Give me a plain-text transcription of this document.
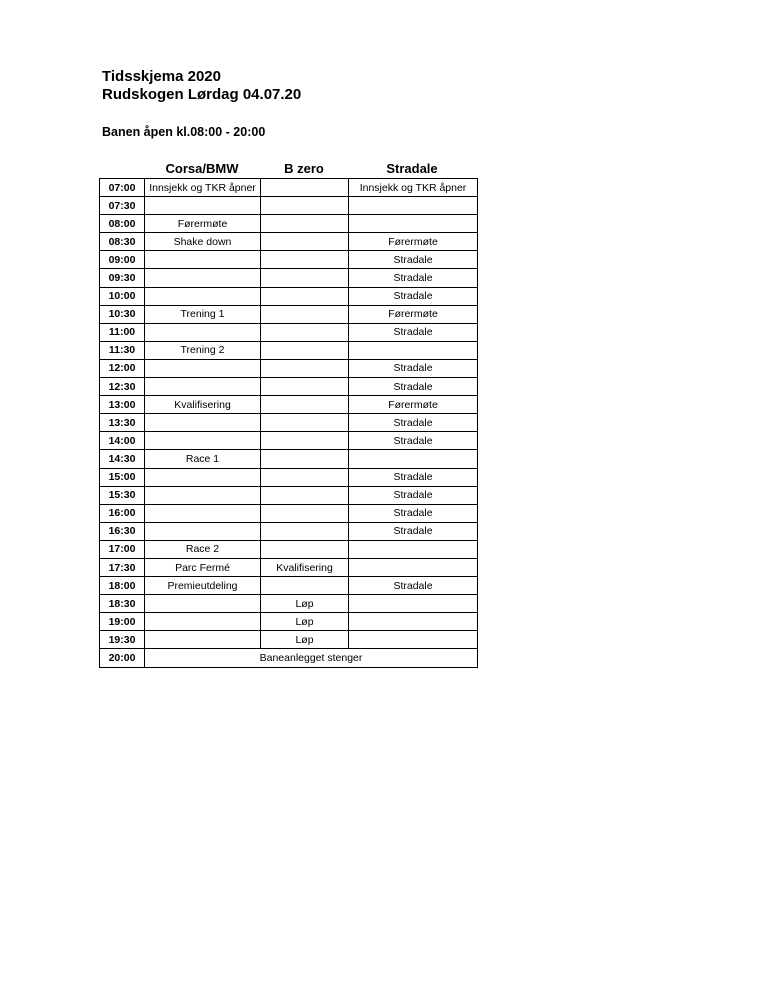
Tidsskjema 2020
Rudskogen Lørdag 04.07.20
Banen åpen kl.08:00 - 20:00
Corsa/BMW	B zero	Stradale
07:00	Innsjekk og TKR åpner		Innsjekk og TKR åpner
07:30			
08:00	Førermøte		
08:30	Shake down		Førermøte
09:00			Stradale
09:30			Stradale
10:00			Stradale
10:30	Trening 1		Førermøte
11:00			Stradale
11:30	Trening 2		
12:00			Stradale
12:30			Stradale
13:00	Kvalifisering		Førermøte
13:30			Stradale
14:00			Stradale
14:30	Race 1		
15:00			Stradale
15:30			Stradale
16:00			Stradale
16:30			Stradale
17:00	Race 2		
17:30	Parc Fermé	Kvalifisering	
18:00	Premieutdeling		Stradale
18:30		Løp	
19:00		Løp	
19:30		Løp	
20:00	Baneanlegget stenger		
